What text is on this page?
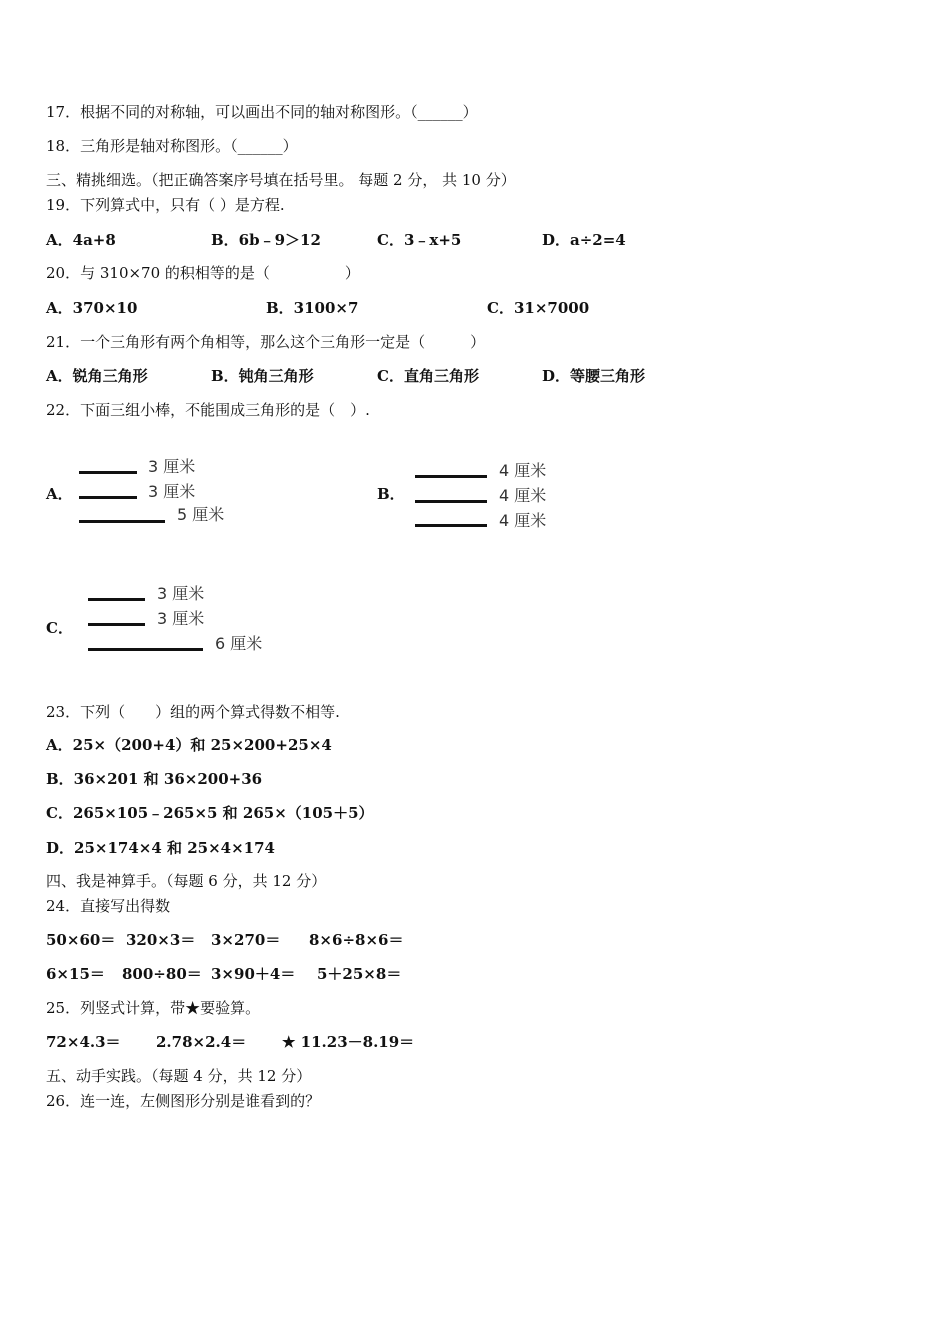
17．根据不同的对称轴，可以画出不同的轴对称图形。（______）
18．三角形是轴对称图形。（______）
三、精挑细选。（把正确答案序号填在括号里。 每题 2 分， 共 10 分）
19．下列算式中，只有（ ）是方程.
A．4a+8	B．6b﹣9＞12	C．3﹣x+5	D．a÷2=4
20．与 310×70 的积相等的是（　　　　　）
A．370×10	B．3100×7	C．31×7000
21．一个三角形有两个角相等，那么这个三角形一定是（　　　）
A．锐角三角形	B．钝角三角形	C．直角三角形	D．等腰三角形
22．下面三组小棒，不能围成三角形的是（　）.
A．
3 厘米
3 厘米
5 厘米
B．
4 厘米
4 厘米
4 厘米
C．
3 厘米
3 厘米
6 厘米
23．下列（　　）组的两个算式得数不相等.
A．25×（200+4）和 25×200+25×4
B．36×201 和 36×200+36
C．265×105﹣265×5 和 265×（105＋5）
D．25×174×4 和 25×4×174
四、我是神算手。（每题 6 分，共 12 分）
24．直接写出得数
50×60＝ 320×3＝ 3×270＝ 8×6÷8×6＝
6×15＝ 800÷80＝ 3×90＋4＝ 5＋25×8＝
25．列竖式计算，带★要验算。
72×4.3＝ 2.78×2.4＝ ★ 11.23－8.19＝
五、动手实践。（每题 4 分，共 12 分）
26．连一连，左侧图形分别是谁看到的？
